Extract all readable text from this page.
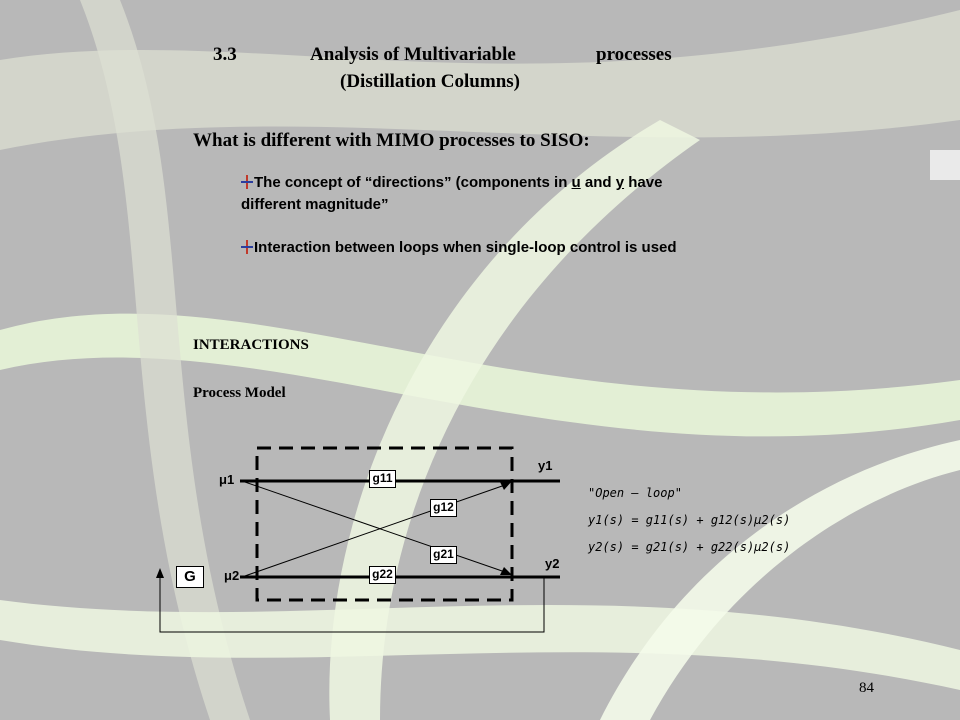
3.3	Analysis of Multivariable	processes
(Distillation Columns)
What is different with MIMO processes to SISO:
The concept of “directions” (components in u and y have different magnitude”
Interaction between loops when single-loop control is used
INTERACTIONS
Process Model
g11
g12
g21
g22
G
μ1
μ2
y1
y2
"Open – loop"
y1(s) = g11(s) + g12(s)μ2(s)
y2(s) = g21(s) + g22(s)μ2(s)
84
